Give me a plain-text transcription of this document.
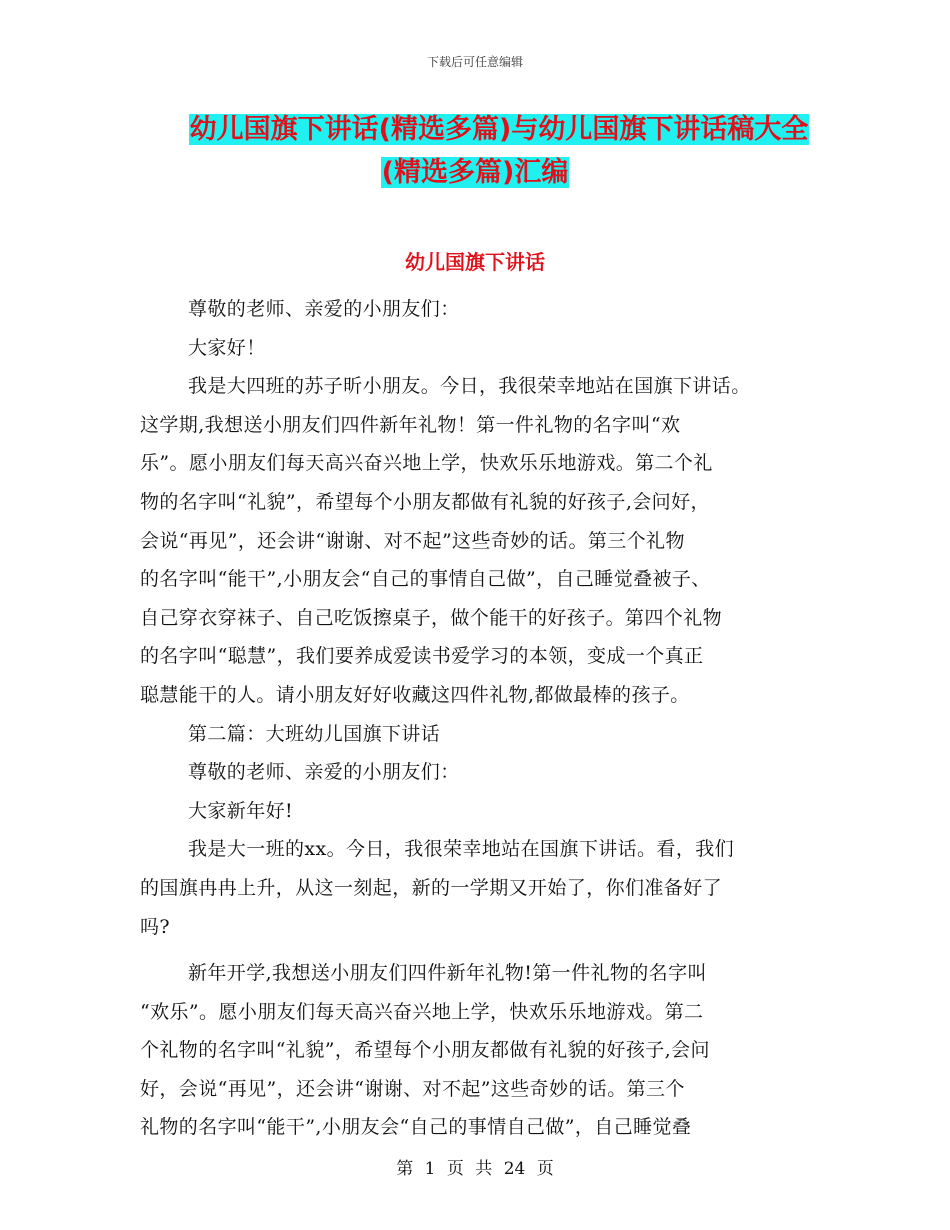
下载后可任意编辑
幼儿国旗下讲话(精选多篇)与幼儿国旗下讲话稿大全
(精选多篇)汇编
幼儿国旗下讲话
尊敬的老师、亲爱的小朋友们：
大家好！
我是大四班的苏子昕小朋友。今日，我很荣幸地站在国旗下讲话。
这学期,我想送小朋友们四件新年礼物！第一件礼物的名字叫“欢
乐”。愿小朋友们每天高兴奋兴地上学，快欢乐乐地游戏。第二个礼
物的名字叫“礼貌”，希望每个小朋友都做有礼貌的好孩子,会问好，
会说“再见”，还会讲“谢谢、对不起”这些奇妙的话。第三个礼物
的名字叫“能干”,小朋友会“自己的事情自己做”，自己睡觉叠被子、
自己穿衣穿袜子、自己吃饭擦桌子，做个能干的好孩子。第四个礼物
的名字叫“聪慧”，我们要养成爱读书爱学习的本领，变成一个真正
聪慧能干的人。请小朋友好好收藏这四件礼物,都做最棒的孩子。
第二篇：大班幼儿国旗下讲话
尊敬的老师、亲爱的小朋友们：
大家新年好!
我是大一班的xx。今日，我很荣幸地站在国旗下讲话。看，我们
的国旗冉冉上升，从这一刻起，新的一学期又开始了，你们准备好了
吗?
新年开学,我想送小朋友们四件新年礼物!第一件礼物的名字叫
“欢乐”。愿小朋友们每天高兴奋兴地上学，快欢乐乐地游戏。第二
个礼物的名字叫“礼貌”，希望每个小朋友都做有礼貌的好孩子,会问
好，会说“再见”，还会讲“谢谢、对不起”这些奇妙的话。第三个
礼物的名字叫“能干”,小朋友会“自己的事情自己做”，自己睡觉叠
第 1 页 共 24 页
